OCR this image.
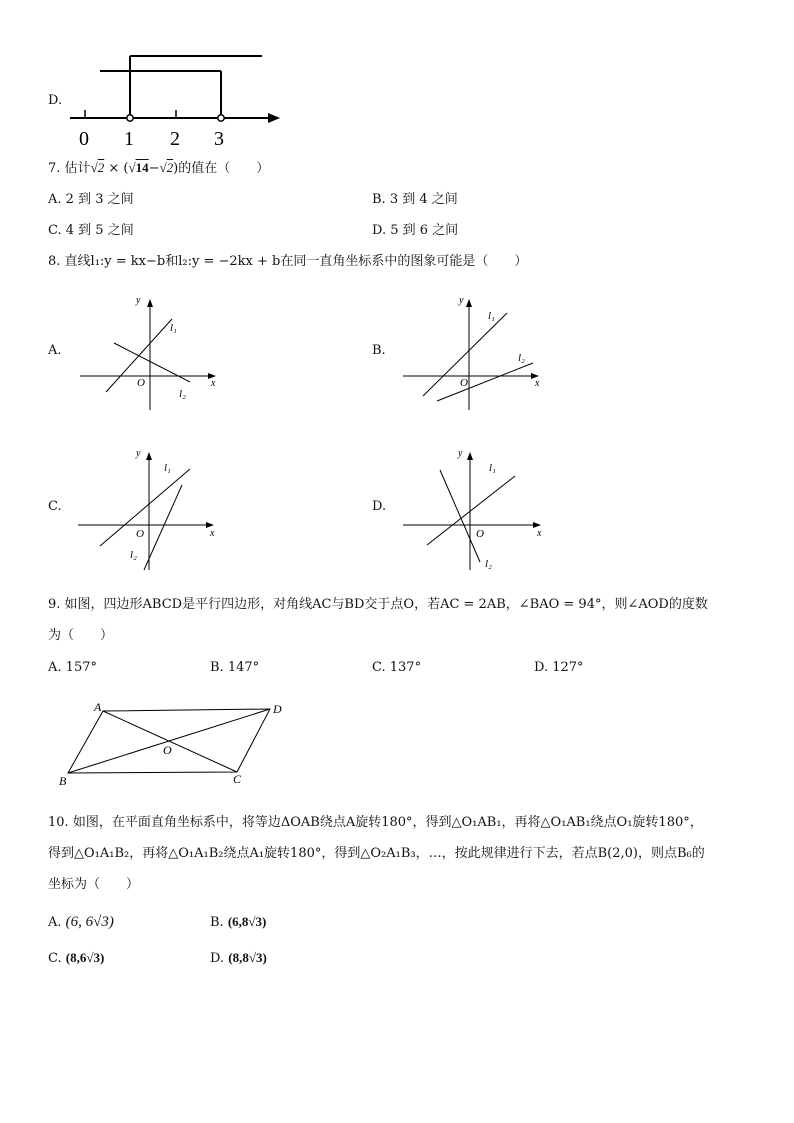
D.
0 1 2 3
7. 估计√2 × (√14−√2)的值在（　　）
A. 2 到 3 之间	B. 3 到 4 之间
C. 4 到 5 之间	D. 5 到 6 之间
8. 直线l₁:y = kx−b和l₂:y = −2kx + b在同一直角坐标系中的图象可能是（　　）
A.
x
y
O
l₁
l₂
B.
x
y
O
l₁
l₂
C.
x
y
O
l₁
l₂
D.
x
y
O
l₁
l₂
9. 如图，四边形ABCD是平行四边形，对角线AC与BD交于点O，若AC = 2AB，∠BAO = 94°，则∠AOD的度数
为（　　）
A. 157°	B. 147°	C. 137°	D. 127°
A	D
B	C
O
10. 如图，在平面直角坐标系中，将等边ΔOAB绕点A旋转180°，得到△O₁AB₁，再将△O₁AB₁绕点O₁旋转180°，
得到△O₁A₁B₂，再将△O₁A₁B₂绕点A₁旋转180°，得到△O₂A₁B₃，…，按此规律进行下去，若点B(2,0)，则点B₆的
坐标为（　　）
A. (6, 6√3)	B. (6,8√3)
C. (8,6√3)	D. (8,8√3)
